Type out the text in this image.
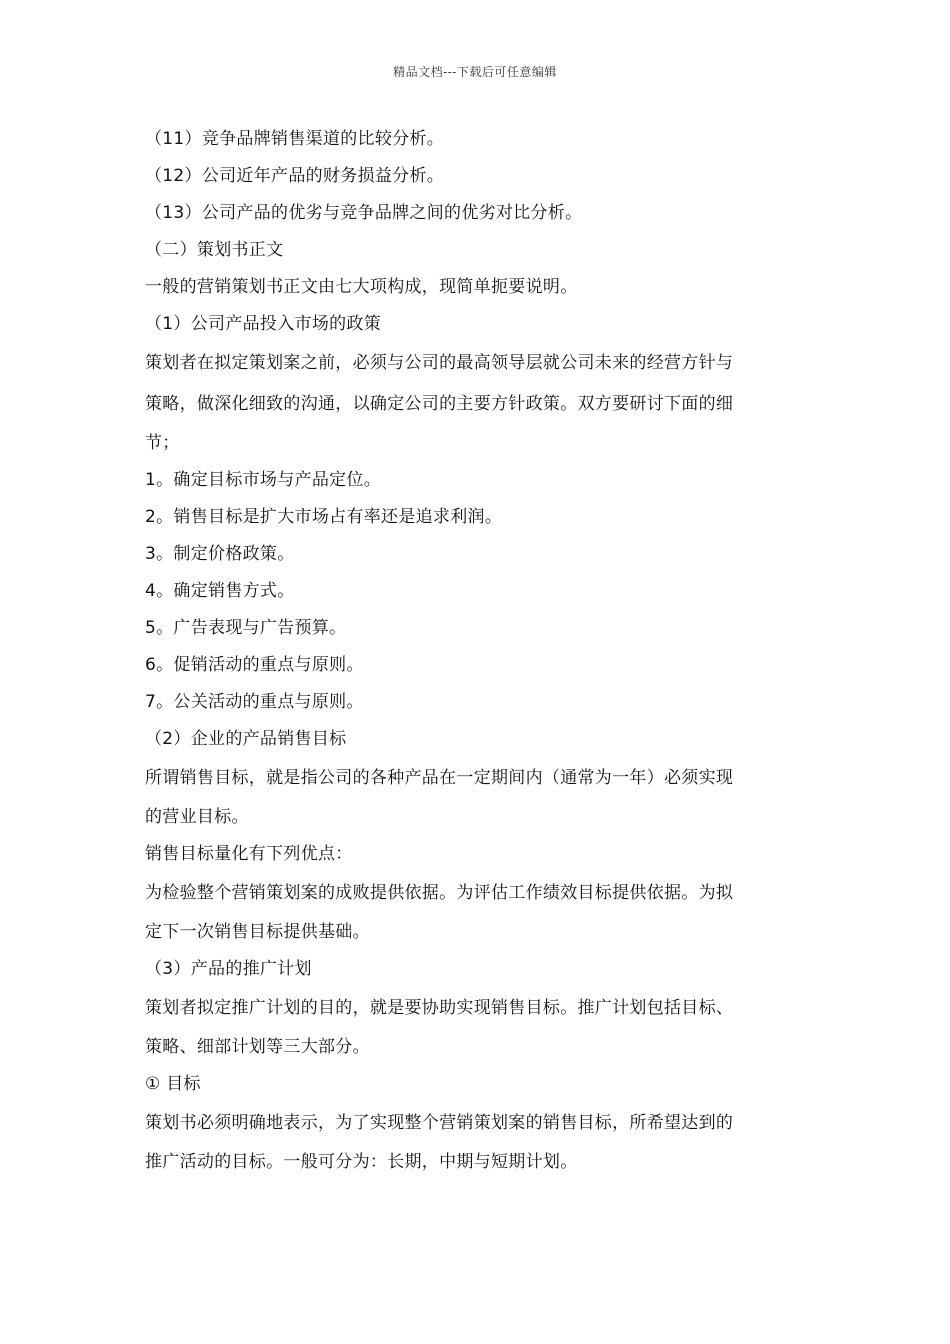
精品文档---下载后可任意编辑
（11）竞争品牌销售渠道的比较分析。
（12）公司近年产品的财务损益分析。
（13）公司产品的优劣与竞争品牌之间的优劣对比分析。
（二）策划书正文
一般的营销策划书正文由七大项构成，现简单扼要说明。
（1）公司产品投入市场的政策
策划者在拟定策划案之前，必须与公司的最高领导层就公司未来的经营方针与
策略，做深化细致的沟通，以确定公司的主要方针政策。双方要研讨下面的细
节；
1。确定目标市场与产品定位。
2。销售目标是扩大市场占有率还是追求利润。
3。制定价格政策。
4。确定销售方式。
5。广告表现与广告预算。
6。促销活动的重点与原则。
7。公关活动的重点与原则。
（2）企业的产品销售目标
所谓销售目标，就是指公司的各种产品在一定期间内（通常为一年）必须实现
的营业目标。
销售目标量化有下列优点：
为检验整个营销策划案的成败提供依据。为评估工作绩效目标提供依据。为拟
定下一次销售目标提供基础。
（3）产品的推广计划
策划者拟定推广计划的目的，就是要协助实现销售目标。推广计划包括目标、
策略、细部计划等三大部分。
① 目标
策划书必须明确地表示，为了实现整个营销策划案的销售目标，所希望达到的
推广活动的目标。一般可分为：长期，中期与短期计划。
